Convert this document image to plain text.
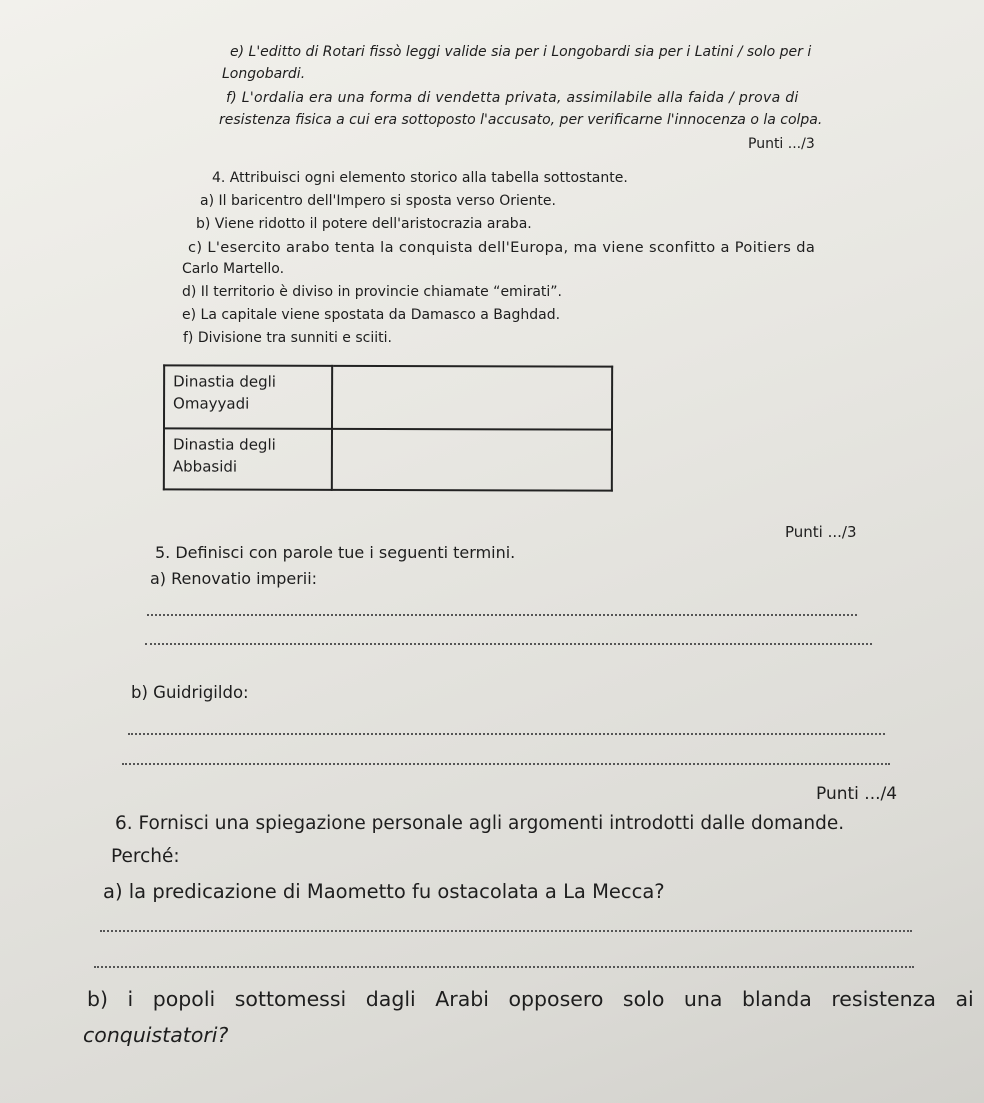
e) L'editto di Rotari fissò leggi valide sia per i Longobardi sia per i Latini / solo per i

Longobardi.

f) L'ordalia era una forma di vendetta privata, assimilabile alla faida / prova di

resistenza fisica a cui era sottoposto l'accusato, per verificarne l'innocenza o la colpa.

Punti .../3

4. Attribuisci ogni elemento storico alla tabella sottostante.

a) Il baricentro dell'Impero si sposta verso Oriente.

b) Viene ridotto il potere dell'aristocrazia araba.

c) L'esercito arabo tenta la conquista dell'Europa, ma viene sconfitto a Poitiers da

Carlo Martello.

d) Il territorio è diviso in provincie chiamate “emirati”.

e) La capitale viene spostata da Damasco a Baghdad.

f) Divisione tra sunniti e sciiti.

Dinastia degli Omayyadi	
Dinastia degli Abbasidi	

Punti .../3

5. Definisci con parole tue i seguenti termini.

a) Renovatio imperii:

b) Guidrigildo:

Punti .../4

6. Fornisci una spiegazione personale agli argomenti introdotti dalle domande.

Perché:

a) la predicazione di Maometto fu ostacolata a La Mecca?

b) i popoli sottomessi dagli Arabi opposero solo una blanda resistenza ai

conquistatori?
